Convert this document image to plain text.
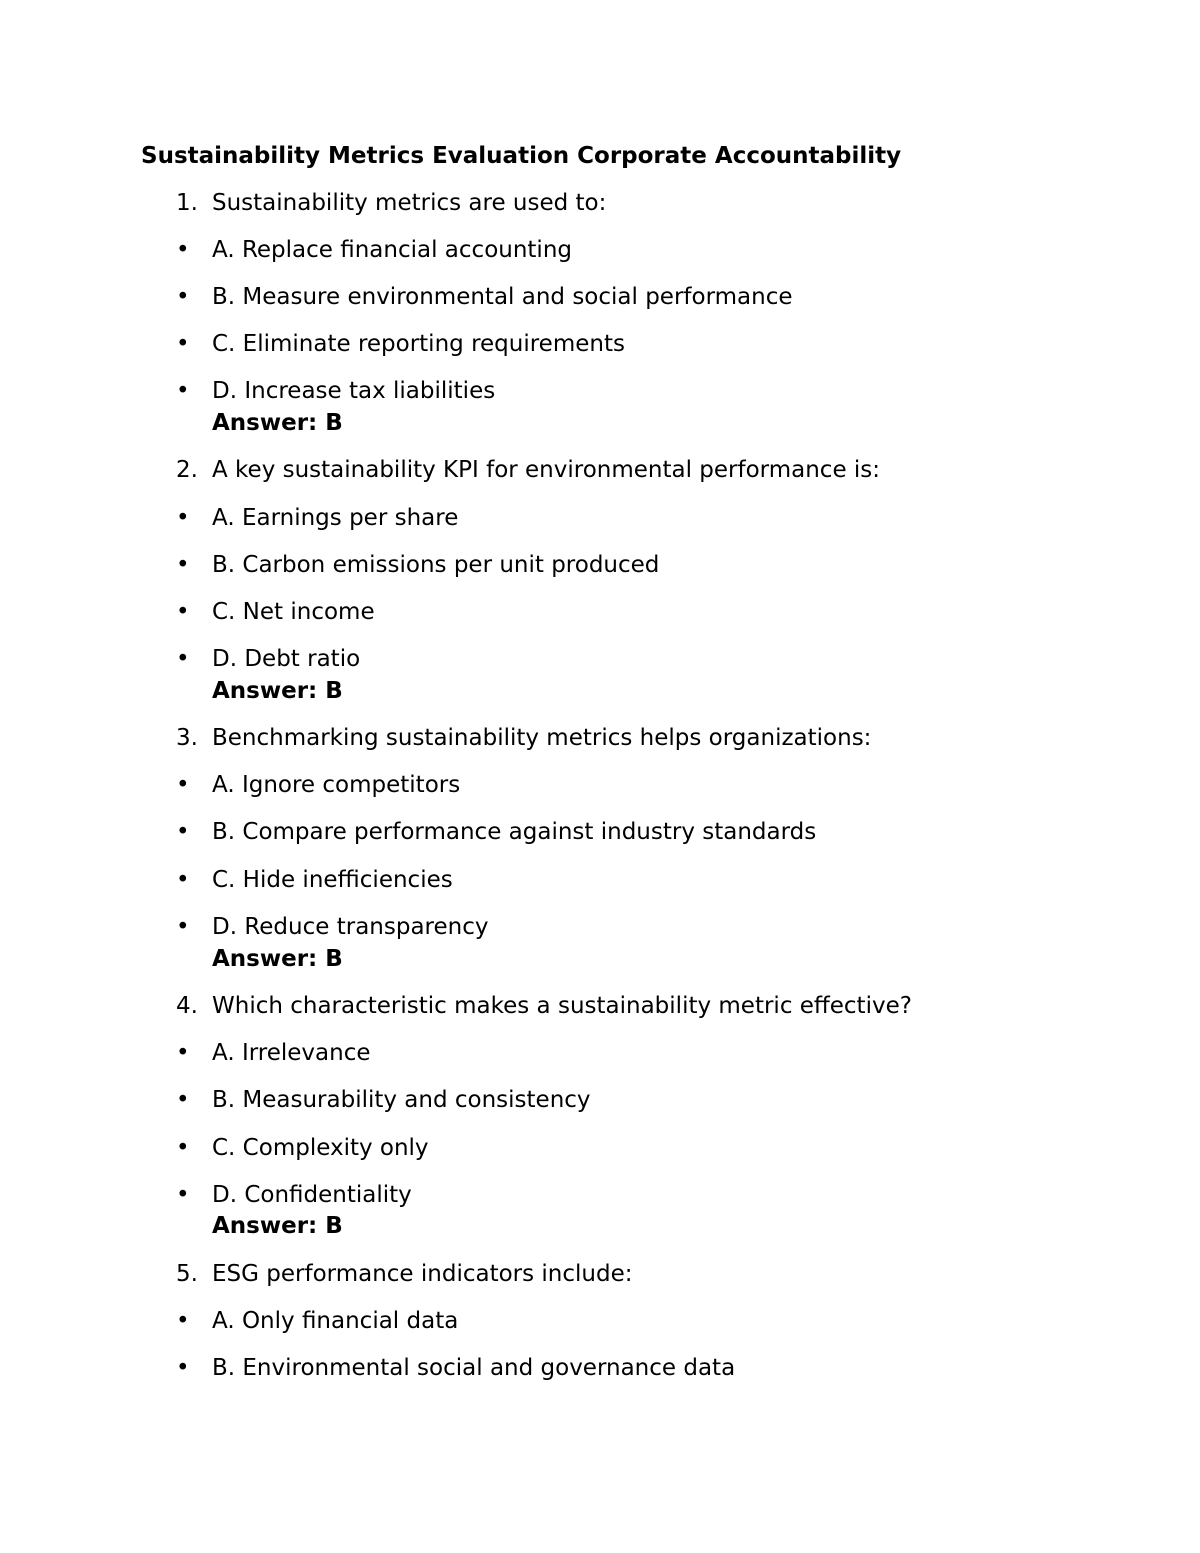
Sustainability Metrics Evaluation Corporate Accountability
1. Sustainability metrics are used to:
• A. Replace financial accounting
• B. Measure environmental and social performance
• C. Eliminate reporting requirements
• D. Increase tax liabilities
Answer: B
2. A key sustainability KPI for environmental performance is:
• A. Earnings per share
• B. Carbon emissions per unit produced
• C. Net income
• D. Debt ratio
Answer: B
3. Benchmarking sustainability metrics helps organizations:
• A. Ignore competitors
• B. Compare performance against industry standards
• C. Hide inefficiencies
• D. Reduce transparency
Answer: B
4. Which characteristic makes a sustainability metric effective?
• A. Irrelevance
• B. Measurability and consistency
• C. Complexity only
• D. Confidentiality
Answer: B
5. ESG performance indicators include:
• A. Only financial data
• B. Environmental social and governance data
